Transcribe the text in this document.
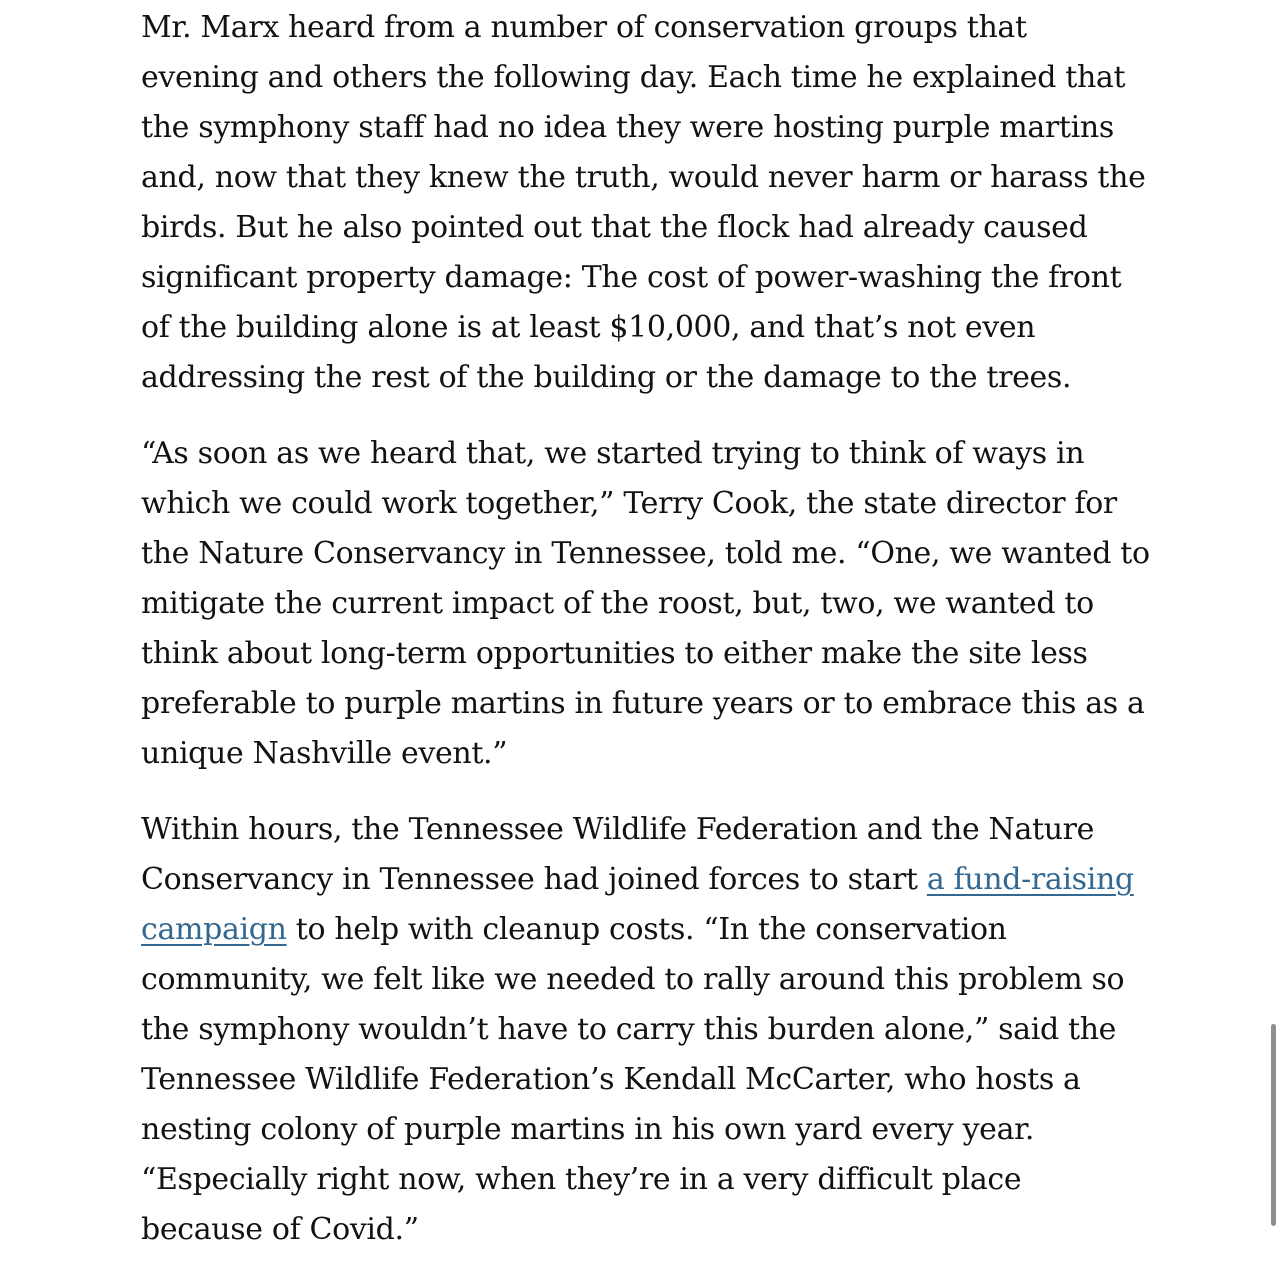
Mr. Marx heard from a number of conservation groups that
evening and others the following day. Each time he explained that
the symphony staff had no idea they were hosting purple martins
and, now that they knew the truth, would never harm or harass the
birds. But he also pointed out that the flock had already caused
significant property damage: The cost of power-washing the front
of the building alone is at least $10,000, and that’s not even
addressing the rest of the building or the damage to the trees.

“As soon as we heard that, we started trying to think of ways in
which we could work together,” Terry Cook, the state director for
the Nature Conservancy in Tennessee, told me. “One, we wanted to
mitigate the current impact of the roost, but, two, we wanted to
think about long-term opportunities to either make the site less
preferable to purple martins in future years or to embrace this as a
unique Nashville event.”

Within hours, the Tennessee Wildlife Federation and the Nature
Conservancy in Tennessee had joined forces to start a fund-raising
campaign to help with cleanup costs. “In the conservation
community, we felt like we needed to rally around this problem so
the symphony wouldn’t have to carry this burden alone,” said the
Tennessee Wildlife Federation’s Kendall McCarter, who hosts a
nesting colony of purple martins in his own yard every year.
“Especially right now, when they’re in a very difficult place
because of Covid.”
